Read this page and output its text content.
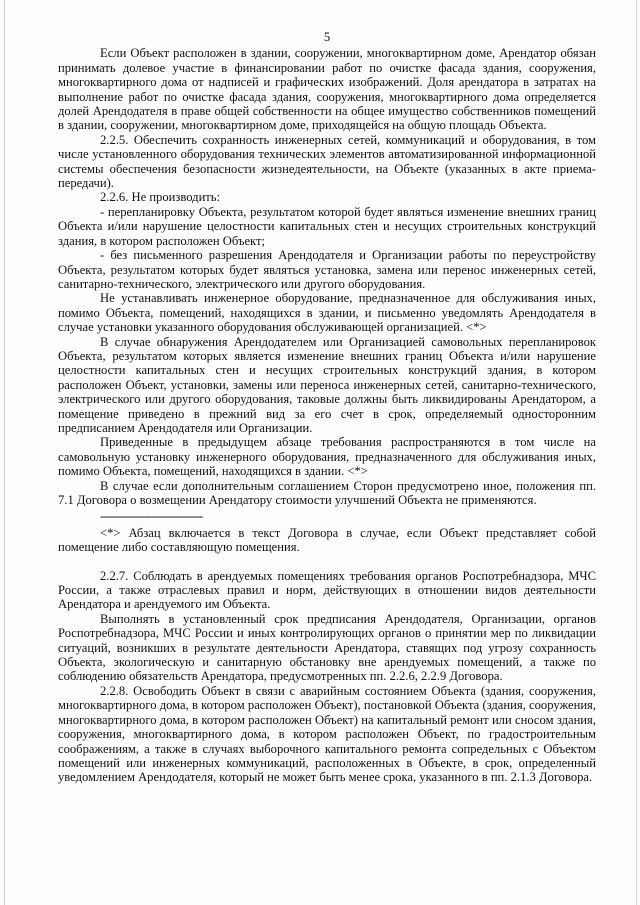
5

Если Объект расположен в здании, сооружении, многоквартирном доме, Арендатор обязан принимать долевое участие в финансировании работ по очистке фасада здания, сооружения, многоквартирного дома от надписей и графических изображений. Доля арендатора в затратах на выполнение работ по очистке фасада здания, сооружения, многоквартирного дома определяется долей Арендодателя в праве общей собственности на общее имущество собственников помещений в здании, сооружении, многоквартирном доме, приходящейся на общую площадь Объекта.

2.2.5. Обеспечить сохранность инженерных сетей, коммуникаций и оборудования, в том числе установленного оборудования технических элементов автоматизированной информационной системы обеспечения безопасности жизнедеятельности, на Объекте (указанных в акте приема-передачи).

2.2.6. Не производить:

- перепланировку Объекта, результатом которой будет являться изменение внешних границ Объекта и/или нарушение целостности капитальных стен и несущих строительных конструкций здания, в котором расположен Объект;

- без письменного разрешения Арендодателя и Организации работы по переустройству Объекта, результатом которых будет являться установка, замена или перенос инженерных сетей, санитарно-технического, электрического или другого оборудования.

Не устанавливать инженерное оборудование, предназначенное для обслуживания иных, помимо Объекта, помещений, находящихся в здании, и письменно уведомлять Арендодателя в случае установки указанного оборудования обслуживающей организацией. <*>

В случае обнаружения Арендодателем или Организацией самовольных перепланировок Объекта, результатом которых является изменение внешних границ Объекта и/или нарушение целостности капитальных стен и несущих строительных конструкций здания, в котором расположен Объект, установки, замены или переноса инженерных сетей, санитарно-технического, электрического или другого оборудования, таковые должны быть ликвидированы Арендатором, а помещение приведено в прежний вид за его счет в срок, определяемый односторонним предписанием Арендодателя или Организации.

Приведенные в предыдущем абзаце требования распространяются в том числе на самовольную установку инженерного оборудования, предназначенного для обслуживания иных, помимо Объекта, помещений, находящихся в здании. <*>

В случае если дополнительным соглашением Сторон предусмотрено иное, положения пп. 7.1 Договора о возмещении Арендатору стоимости улучшений Объекта не применяются.

--------------------------------

<*> Абзац включается в текст Договора в случае, если Объект представляет собой помещение либо составляющую помещения.

2.2.7. Соблюдать в арендуемых помещениях требования органов Роспотребнадзора, МЧС России, а также отраслевых правил и норм, действующих в отношении видов деятельности Арендатора и арендуемого им Объекта.

Выполнять в установленный срок предписания Арендодателя, Организации, органов Роспотребнадзора, МЧС России и иных контролирующих органов о принятии мер по ликвидации ситуаций, возникших в результате деятельности Арендатора, ставящих под угрозу сохранность Объекта, экологическую и санитарную обстановку вне арендуемых помещений, а также по соблюдению обязательств Арендатора, предусмотренных пп. 2.2.6, 2.2.9 Договора.

2.2.8. Освободить Объект в связи с аварийным состоянием Объекта (здания, сооружения, многоквартирного дома, в котором расположен Объект), постановкой Объекта (здания, сооружения, многоквартирного дома, в котором расположен Объект) на капитальный ремонт или сносом здания, сооружения, многоквартирного дома, в котором расположен Объект, по градостроительным соображениям, а также в случаях выборочного капитального ремонта сопредельных с Объектом помещений или инженерных коммуникаций, расположенных в Объекте, в срок, определенный уведомлением Арендодателя, который не может быть менее срока, указанного в пп. 2.1.3 Договора.
